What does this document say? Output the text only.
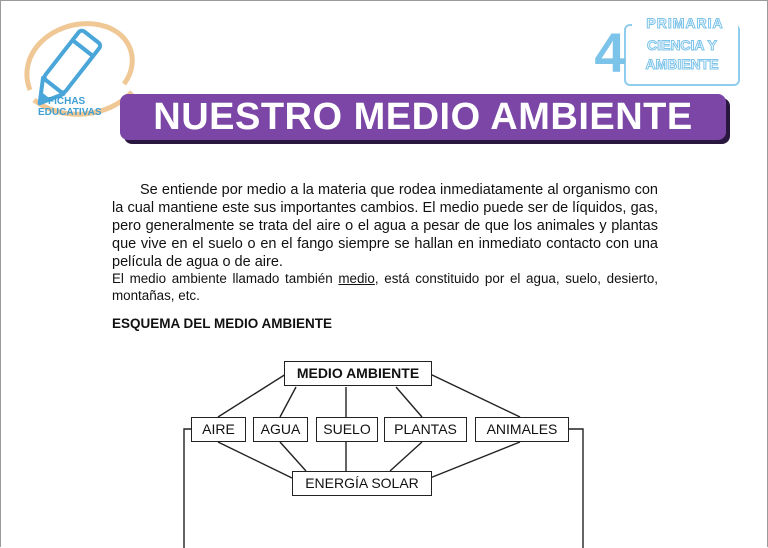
FICHAS
EDUCATIVAS
4	PRIMARIA
CIENCIA Y
AMBIENTE
NUESTRO MEDIO AMBIENTE
Se entiende por medio a la materia que rodea inmediatamente al organismo con la cual mantiene este sus importantes cambios. El medio puede ser de líquidos, gas, pero generalmente se trata del aire o el agua a pesar de que los animales y plantas que vive en el suelo o en el fango siempre se hallan en inmediato contacto con una película de agua o de aire.
El medio ambiente llamado también medio, está constituido por el agua, suelo, desierto, montañas, etc.
ESQUEMA DEL MEDIO AMBIENTE
MEDIO AMBIENTE
AIRE	AGUA	SUELO	PLANTAS	ANIMALES
ENERGÍA SOLAR
